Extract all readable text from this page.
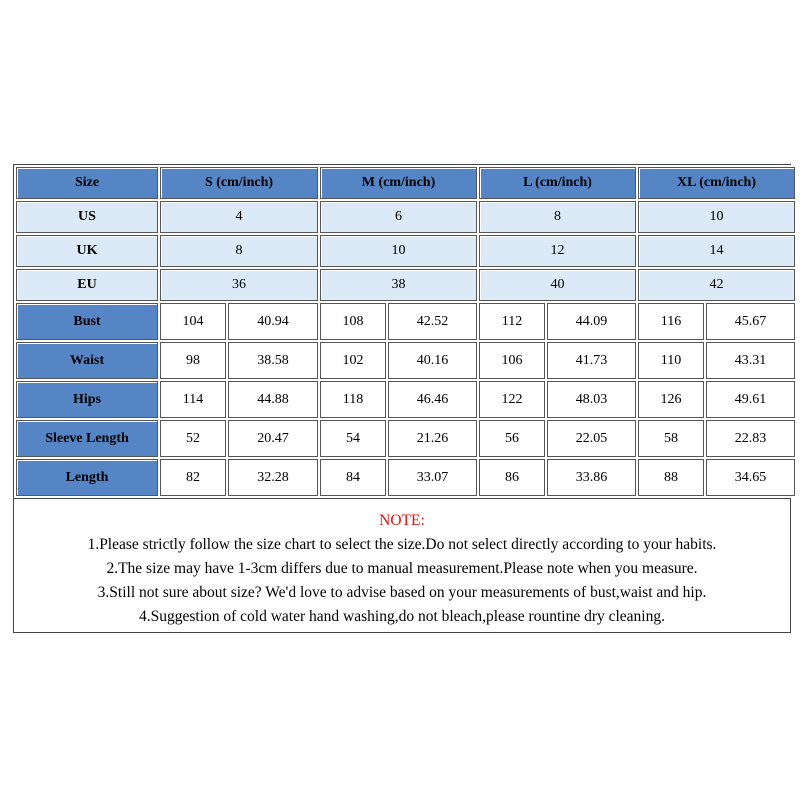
Size	S (cm/inch)		M (cm/inch)		L (cm/inch)		XL (cm/inch)	
US	4		6		8		10	
UK	8		10		12		14	
EU	36		38		40		42	
Bust	104	40.94	108	42.52	112	44.09	116	45.67
Waist	98	38.58	102	40.16	106	41.73	110	43.31
Hips	114	44.88	118	46.46	122	48.03	126	49.61
Sleeve Length	52	20.47	54	21.26	56	22.05	58	22.83
Length	82	32.28	84	33.07	86	33.86	88	34.65
NOTE:
1.Please strictly follow the size chart to select the size.Do not select directly according to your habits.
2.The size may have 1-3cm differs due to manual measurement.Please note when you measure.
3.Still not sure about size? We'd love to advise based on your measurements of bust,waist and hip.
4.Suggestion of cold water hand washing,do not bleach,please rountine dry cleaning.
